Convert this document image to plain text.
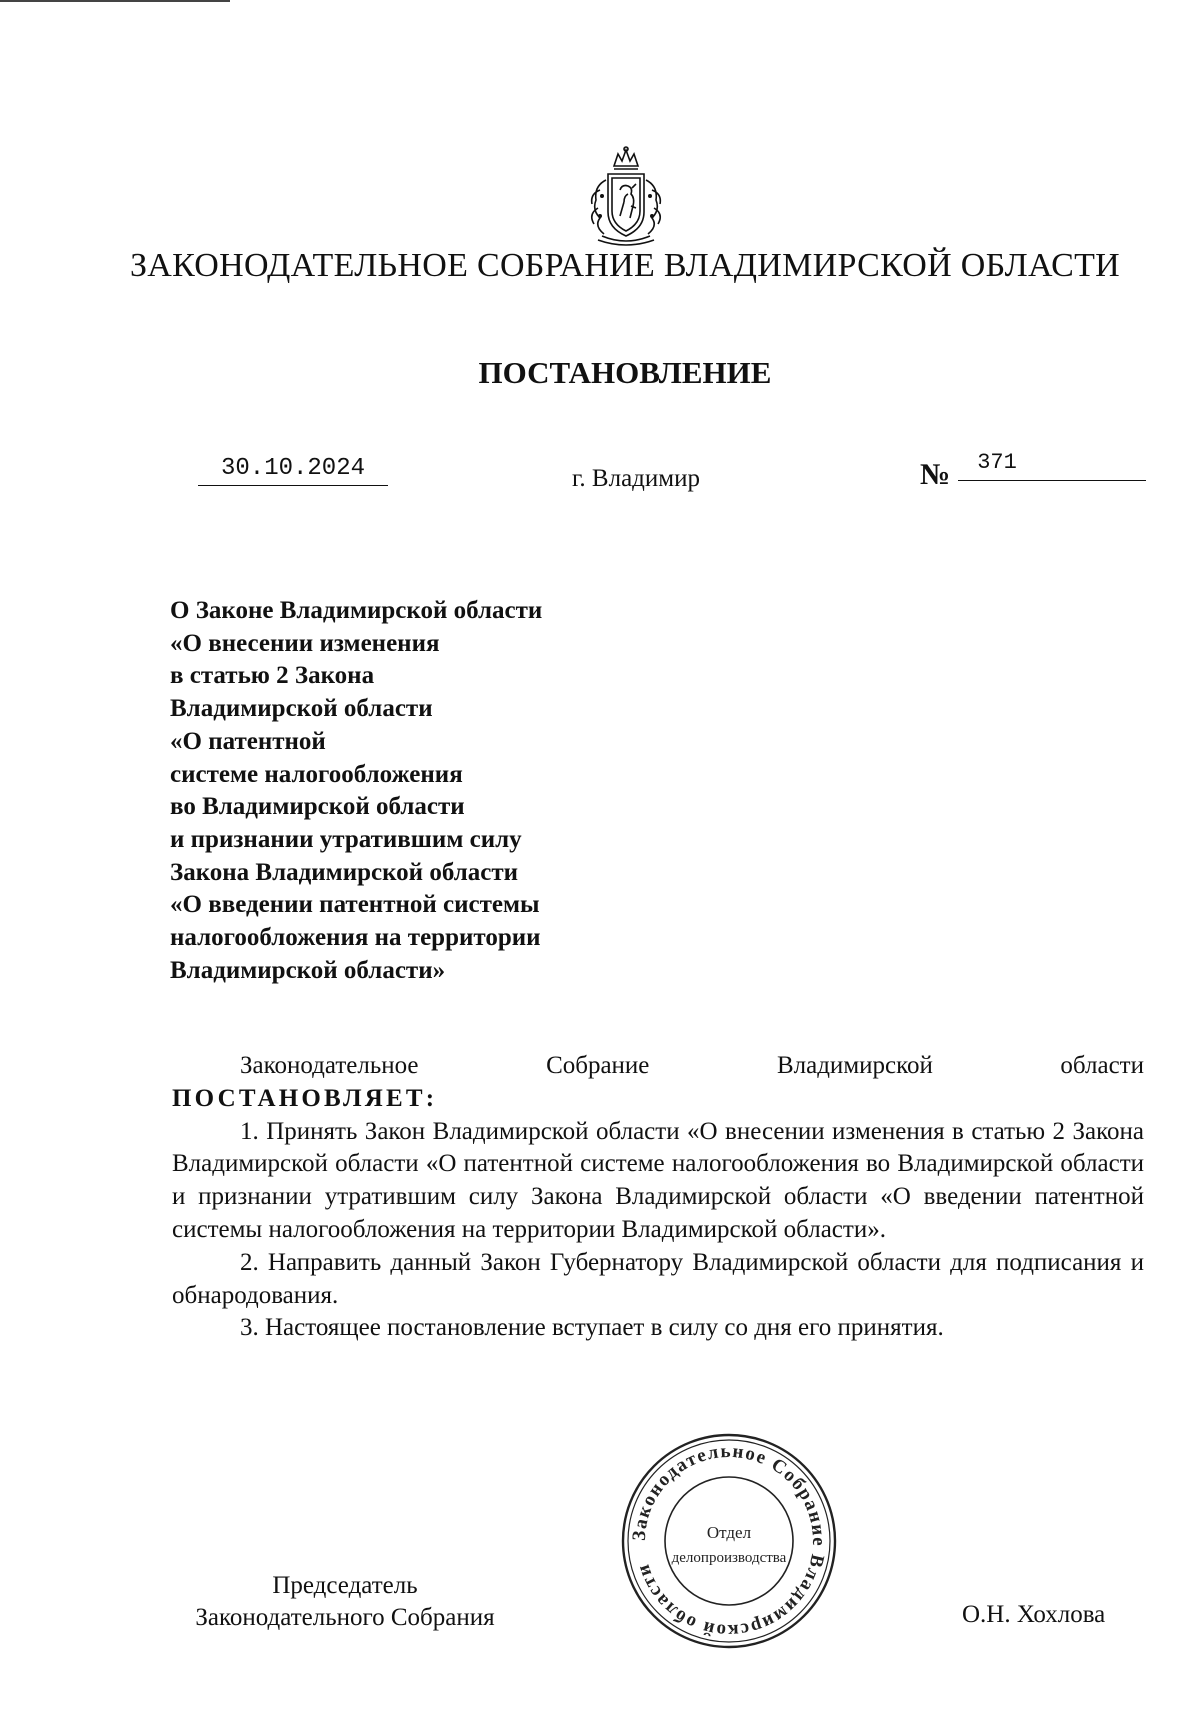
ЗАКОНОДАТЕЛЬНОЕ СОБРАНИЕ ВЛАДИМИРСКОЙ ОБЛАСТИ
ПОСТАНОВЛЕНИЕ
30.10.2024	г. Владимир	№	371
О Законе Владимирской области
«О внесении изменения
в статью 2 Закона
Владимирской области
«О патентной
системе налогообложения
во Владимирской области
и признании утратившим силу
Закона Владимирской области
«О введении патентной системы
налогообложения на территории
Владимирской области»
Законодательное	Собрание	Владимирской	области
ПОСТАНОВЛЯЕТ:

1. Принять Закон Владимирской области «О внесении изменения в статью 2 Закона Владимирской области «О патентной системе налогообложения во Владимирской области и признании утратившим силу Закона Владимирской области «О введении патентной системы налогообложения на территории Владимирской области».

2. Направить данный Закон Губернатору Владимирской области для подписания и обнародования.

3. Настоящее постановление вступает в силу со дня его принятия.

Законодательное Собрание Владимирской области
Отдел
делопроизводства
Председатель
Законодательного Собрания	О.Н. Хохлова
